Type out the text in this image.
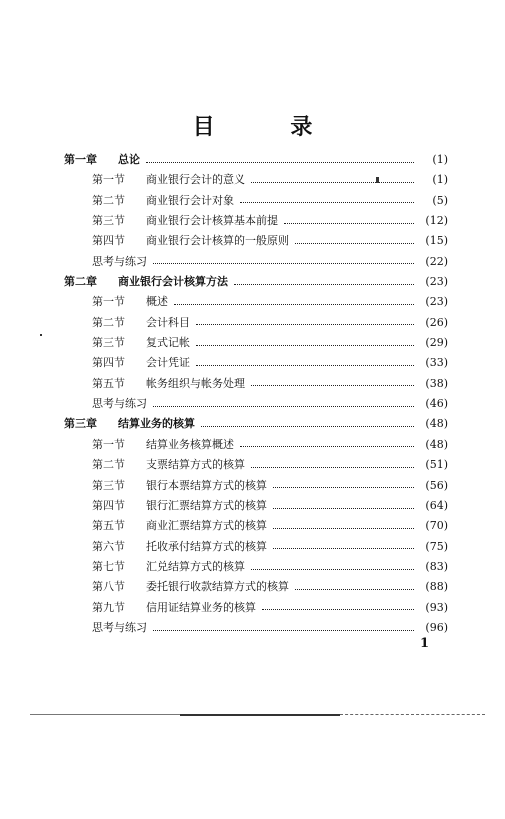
目 录
第一章	总论	(1)
第一节	商业银行会计的意义	(1)
第二节	商业银行会计对象	(5)
第三节	商业银行会计核算基本前提	(12)
第四节	商业银行会计核算的一般原则	(15)
思考与练习	(22)
第二章	商业银行会计核算方法	(23)
第一节	概述	(23)
第二节	会计科目	(26)
第三节	复式记帐	(29)
第四节	会计凭证	(33)
第五节	帐务组织与帐务处理	(38)
思考与练习	(46)
第三章	结算业务的核算	(48)
第一节	结算业务核算概述	(48)
第二节	支票结算方式的核算	(51)
第三节	银行本票结算方式的核算	(56)
第四节	银行汇票结算方式的核算	(64)
第五节	商业汇票结算方式的核算	(70)
第六节	托收承付结算方式的核算	(75)
第七节	汇兑结算方式的核算	(83)
第八节	委托银行收款结算方式的核算	(88)
第九节	信用证结算业务的核算	(93)
思考与练习	(96)
1
